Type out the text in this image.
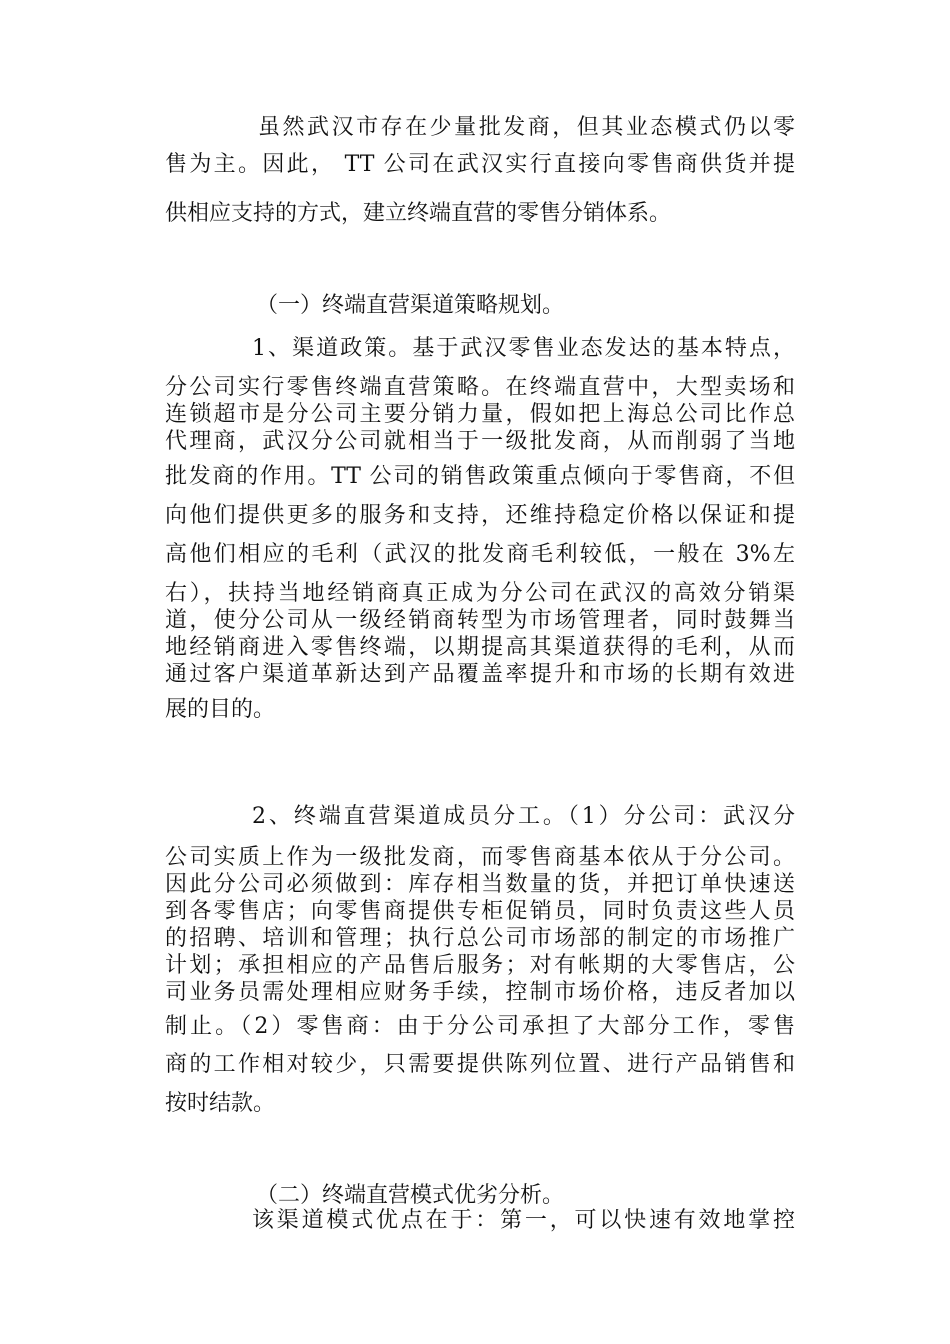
虽然武汉市存在少量批发商，但其业态模式仍以零
售为主。因此， TT 公司在武汉实行直接向零售商供货并提
供相应支持的方式，建立终端直营的零售分销体系。
（一）终端直营渠道策略规划。
1、渠道政策。基于武汉零售业态发达的基本特点，
分公司实行零售终端直营策略。在终端直营中，大型卖场和
连锁超市是分公司主要分销力量，假如把上海总公司比作总
代理商，武汉分公司就相当于一级批发商，从而削弱了当地
批发商的作用。TT 公司的销售政策重点倾向于零售商，不但
向他们提供更多的服务和支持，还维持稳定价格以保证和提
高他们相应的毛利（武汉的批发商毛利较低，一般在 3%左
右），扶持当地经销商真正成为分公司在武汉的高效分销渠
道，使分公司从一级经销商转型为市场管理者，同时鼓舞当
地经销商进入零售终端，以期提高其渠道获得的毛利，从而
通过客户渠道革新达到产品覆盖率提升和市场的长期有效进
展的目的。
2、终端直营渠道成员分工。（1）分公司：武汉分
公司实质上作为一级批发商，而零售商基本依从于分公司。
因此分公司必须做到：库存相当数量的货，并把订单快速送
到各零售店；向零售商提供专柜促销员，同时负责这些人员
的招聘、培训和管理；执行总公司市场部的制定的市场推广
计划；承担相应的产品售后服务；对有帐期的大零售店，公
司业务员需处理相应财务手续，控制市场价格，违反者加以
制止。（2）零售商：由于分公司承担了大部分工作，零售
商的工作相对较少，只需要提供陈列位置、进行产品销售和
按时结款。
（二）终端直营模式优劣分析。
该渠道模式优点在于：第一，可以快速有效地掌控
